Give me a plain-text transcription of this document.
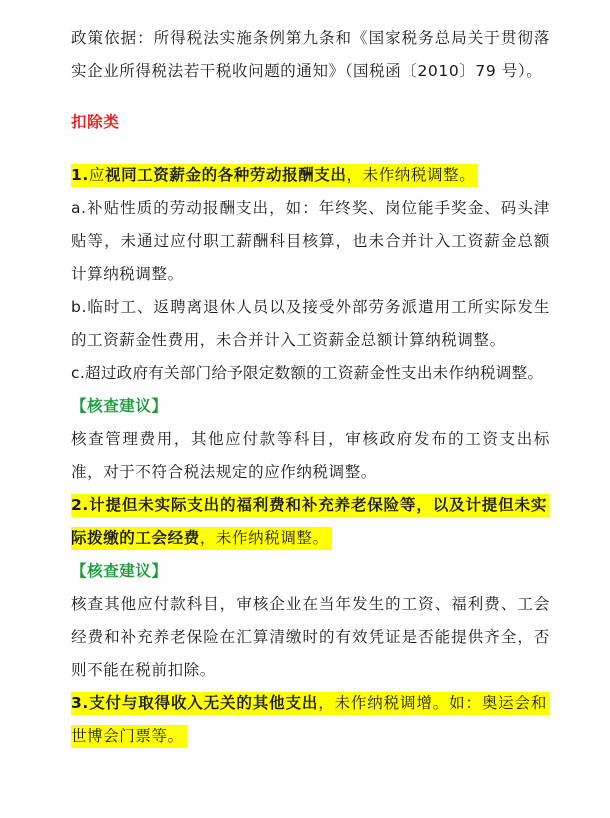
政策依据：所得税法实施条例第九条和《国家税务总局关于贯彻落实企业所得税法若干税收问题的通知》（国税函〔2010〕79 号）。

扣除类

1.应视同工资薪金的各种劳动报酬支出，未作纳税调整。

a.补贴性质的劳动报酬支出，如：年终奖、岗位能手奖金、码头津贴等，未通过应付职工薪酬科目核算，也未合并计入工资薪金总额计算纳税调整。

b.临时工、返聘离退休人员以及接受外部劳务派遣用工所实际发生的工资薪金性费用，未合并计入工资薪金总额计算纳税调整。

c.超过政府有关部门给予限定数额的工资薪金性支出未作纳税调整。

【核查建议】

核查管理费用，其他应付款等科目，审核政府发布的工资支出标准，对于不符合税法规定的应作纳税调整。

2.计提但未实际支出的福利费和补充养老保险等，以及计提但未实际拨缴的工会经费，未作纳税调整。

【核查建议】

核查其他应付款科目，审核企业在当年发生的工资、福利费、工会经费和补充养老保险在汇算清缴时的有效凭证是否能提供齐全，否则不能在税前扣除。

3.支付与取得收入无关的其他支出，未作纳税调增。如：奥运会和世博会门票等。
